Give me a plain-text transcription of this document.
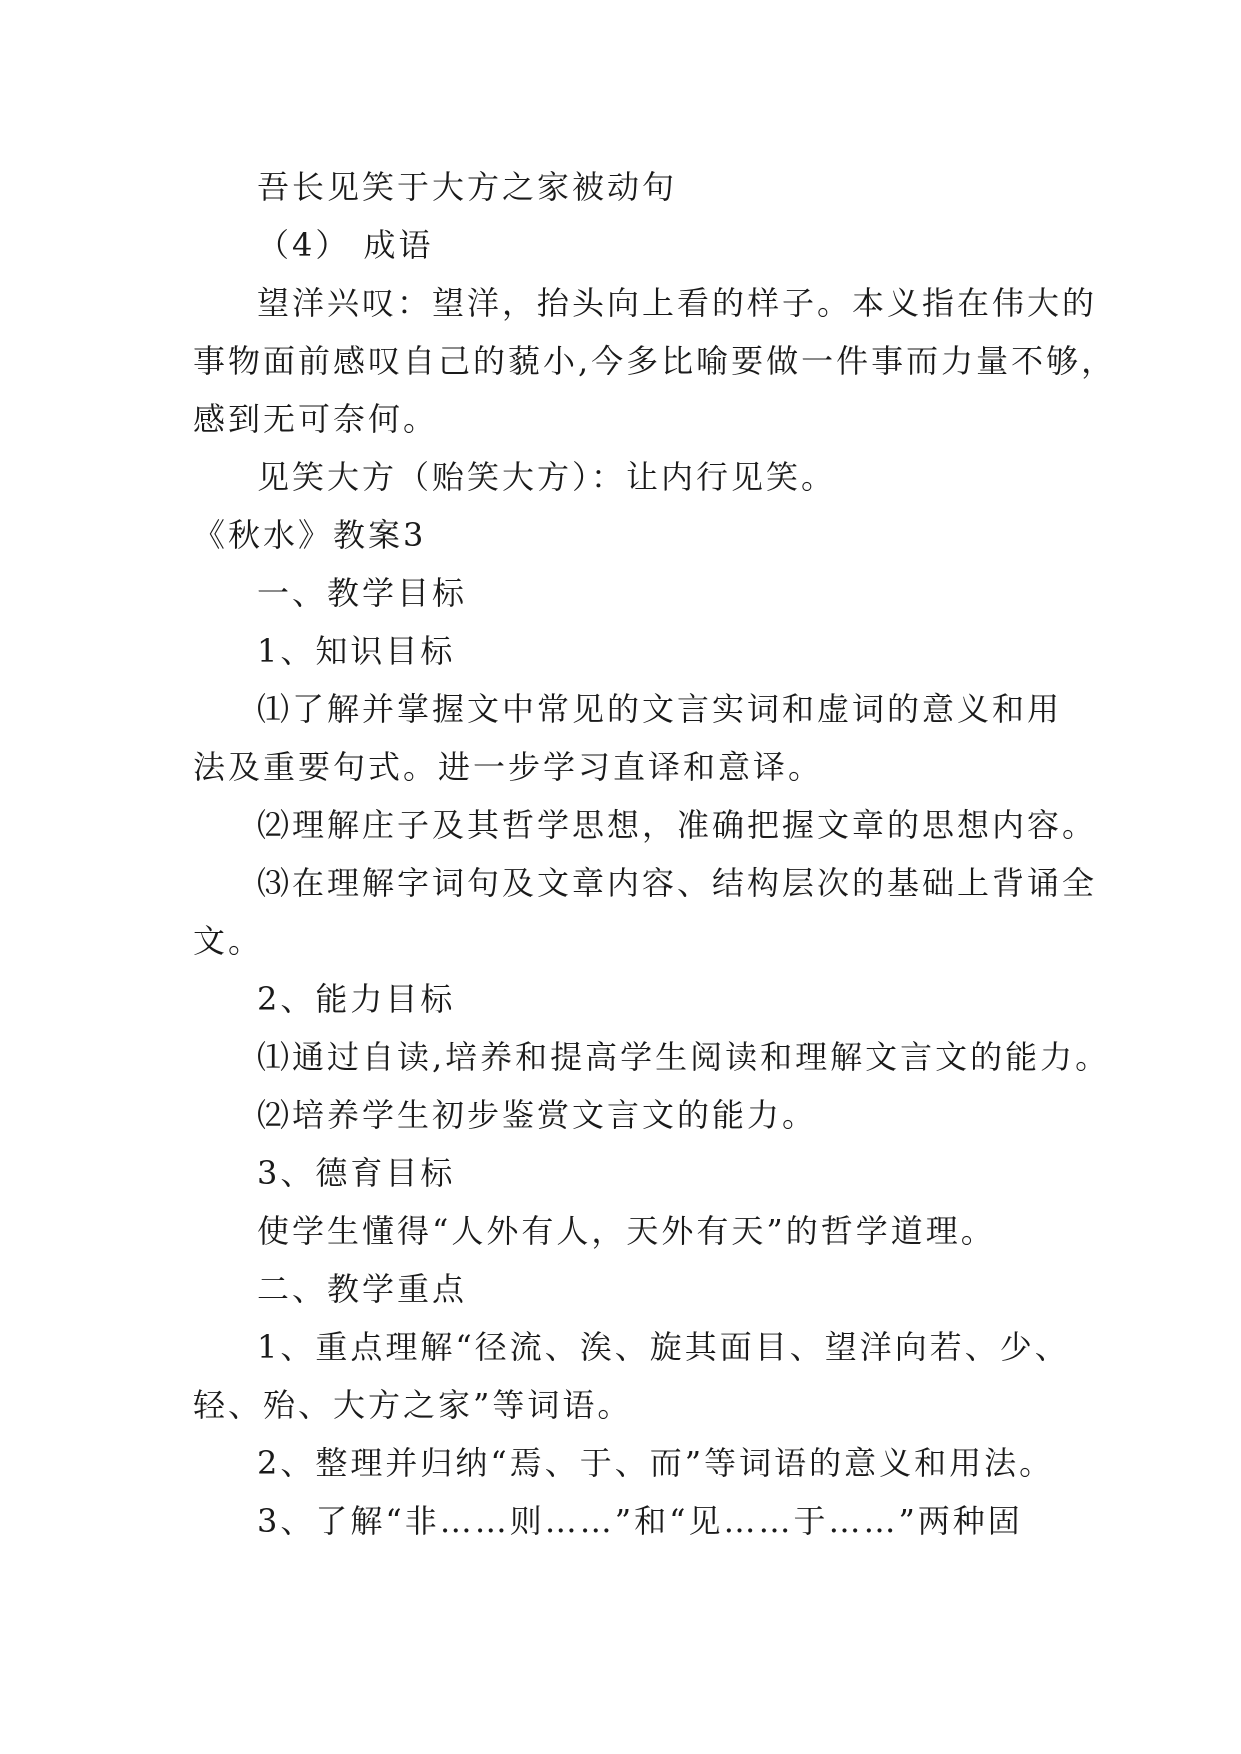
吾长见笑于大方之家被动句
（4） 成语
望洋兴叹：望洋，抬头向上看的样子。本义指在伟大的
事物面前感叹自己的藐小,今多比喻要做一件事而力量不够，
感到无可奈何。
见笑大方（贻笑大方）：让内行见笑。
《秋水》教案3
一、教学目标
1、知识目标
⑴了解并掌握文中常见的文言实词和虚词的意义和用
法及重要句式。进一步学习直译和意译。
⑵理解庄子及其哲学思想，准确把握文章的思想内容。
⑶在理解字词句及文章内容、结构层次的基础上背诵全
文。
2、能力目标
⑴通过自读,培养和提高学生阅读和理解文言文的能力。
⑵培养学生初步鉴赏文言文的能力。
3、德育目标
使学生懂得“人外有人，天外有天”的哲学道理。
二、教学重点
1、重点理解“径流、涘、旋其面目、望洋向若、少、
轻、殆、大方之家”等词语。
2、整理并归纳“焉、于、而”等词语的意义和用法。
3、了解“非……则……”和“见……于……”两种固
